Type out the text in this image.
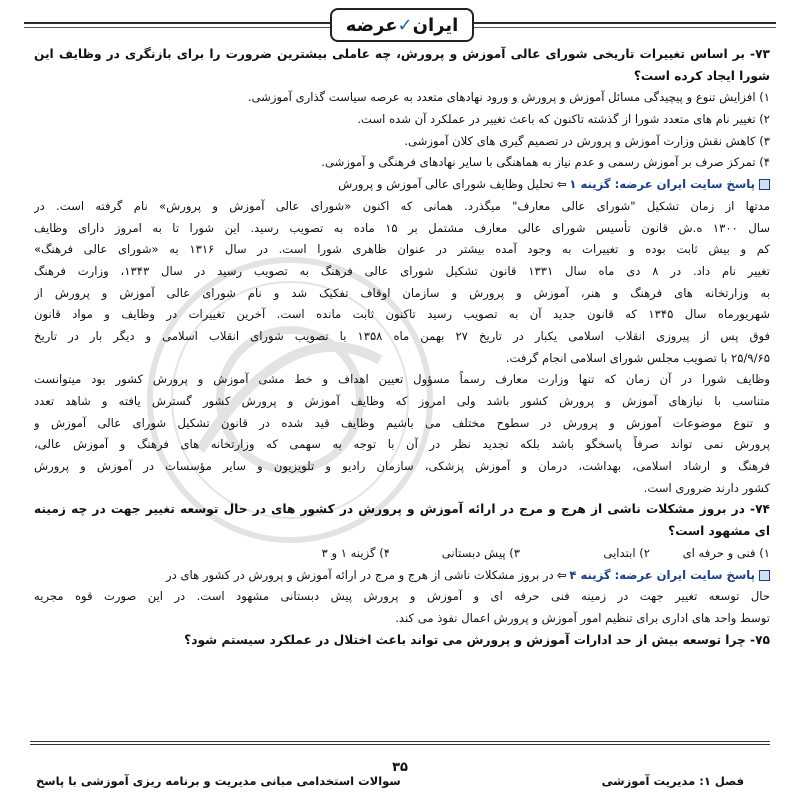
ایران
✓
عرضه
۷۳- بر اساس تغییرات تاریخی شورای عالی آموزش و پرورش، چه عاملی بیشترین ضرورت را برای بازنگری در وظایف این
شورا ایجاد کرده است؟
۱) افزایش تنوع و پیچیدگی مسائل آموزش و پرورش و ورود نهادهای متعدد به عرصه سیاست گذاری آموزشی.
۲) تغییر نام های متعدد شورا از گذشته تاکنون که باعث تغییر در عملکرد آن شده است.
۳) کاهش نقش وزارت آموزش و پرورش در تصمیم گیری های کلان آموزشی.
۴) تمرکز صرف بر آموزش رسمی و عدم نیاز به هماهنگی با سایر نهادهای فرهنگی و آموزشی.
پاسخ سایت ایران عرضه: گزینه ۱⇦تحلیل وظایف شورای عالی آموزش و پرورش
مدتها از زمان تشکیل "شورای عالی معارف" میگذرد. همانی که اکنون «شورای عالی آموزش و پرورش» نام گرفته است. در
سال ۱۳۰۰ ه.ش قانون تأسیس شورای عالی معارف مشتمل بر ۱۵ ماده به تصویب رسید. این شورا تا به امروز دارای وظایف
کم و بیش ثابت بوده و تغییرات به وجود آمده بیشتر در عنوان ظاهری شورا است. در سال ۱۳۱۶ به «شورای عالی فرهنگ»
تغییر نام داد. در ۸ دی ماه سال ۱۳۳۱ قانون تشکیل شورای عالی فرهنگ به تصویب رسید در سال ۱۳۴۳، وزارت فرهنگ
به وزارتخانه های فرهنگ و هنر، آموزش و پرورش و سازمان اوقاف تفکیک شد و نام شورای عالی آموزش و پرورش از
شهریورماه سال ۱۳۴۵ که قانون جدید آن به تصویب رسید تاکنون ثابت مانده است. آخرین تغییرات در وظایف و مواد قانون
فوق پس از پیروزی انقلاب اسلامی یکبار در تاریخ ۲۷ بهمن ماه ۱۳۵۸ با تصویب شورای انقلاب اسلامی و دیگر بار در تاریخ
۲۵/۹/۶۵ با تصویب مجلس شورای اسلامی انجام گرفت.
وظایف شورا در آن زمان که تنها وزارت معارف رسماً مسؤول تعیین اهداف و خط مشی آموزش و پرورش کشور بود میتوانست
متناسب با نیازهای آموزش و پرورش کشور باشد ولی امروز که وظایف آموزش و پرورش کشور گسترش یافته و شاهد تعدد
و تنوع موضوعات آموزش و پرورش در سطوح مختلف می باشیم وظایف قید شده در قانون تشکیل شورای عالی آموزش و
پرورش نمی تواند صرفاً پاسخگو باشد بلکه تجدید نظر در آن با توجه به سهمی که وزارتخانه های فرهنگ و آموزش عالی،
فرهنگ و ارشاد اسلامی، بهداشت، درمان و آموزش پزشکی، سازمان رادیو و تلویزیون و سایر مؤسسات در آموزش و پرورش
کشور دارند ضروری است.
۷۴- در بروز مشکلات ناشی از هرج و مرج در ارائه آموزش و پرورش در کشور های در حال توسعه تغییر جهت در چه زمینه
ای مشهود است؟
۱) فنی و حرفه ای
۲) ابتدایی
۳) پیش دبستانی
۴) گزینه ۱ و ۳
پاسخ سایت ایران عرضه: گزینه ۴⇦در بروز مشکلات ناشی از هرج و مرج در ارائه آموزش و پرورش در کشور های در
حال توسعه تغییر جهت در زمینه فنی حرفه ای و آموزش و پرورش پیش دبستانی مشهود است. در این صورت قوه مجریه
توسط واحد های اداری برای تنظیم امور آموزش و پرورش اعمال نفوذ می کند.
۷۵- چرا توسعه بیش از حد ادارات آموزش و پرورش می تواند باعث اختلال در عملکرد سیستم شود؟
۳۵
فصل ۱: مدیریت آموزشی
سوالات استخدامی مبانی مدیریت و برنامه ریزی آموزشی با پاسخ
